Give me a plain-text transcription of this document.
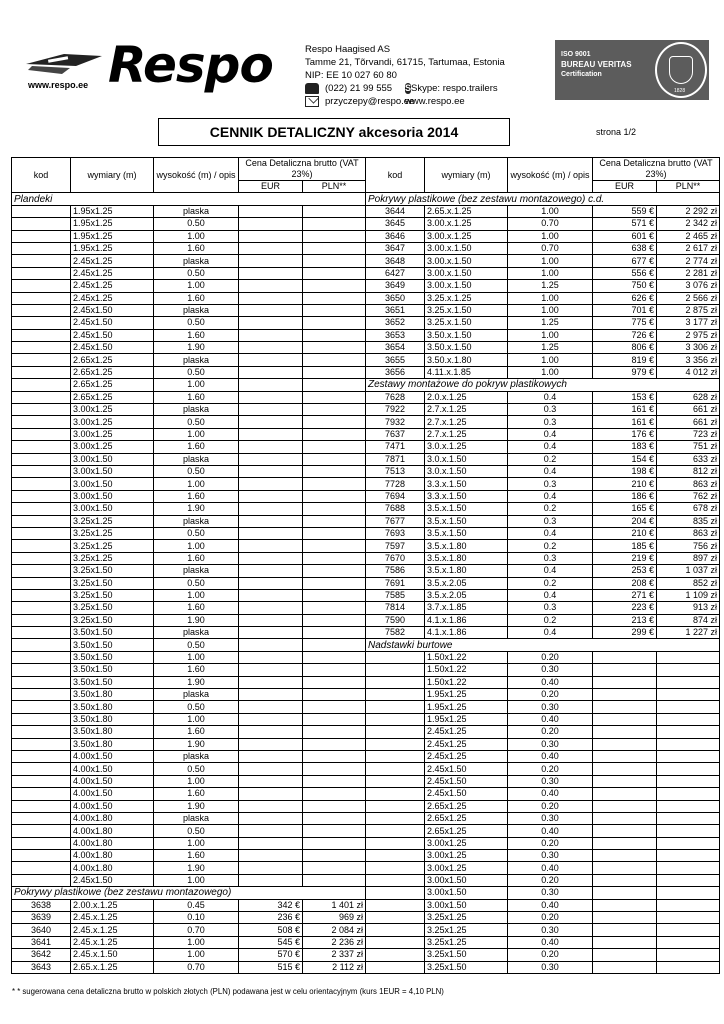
Respo
www.respo.ee
Respo Haagised AS
Tamme 21, Tõrvandi, 61715, Tartumaa, Estonia
NIP: EE 10 027 60 80
(022) 21 99 555
przyczepy@respo.ee
S Skype: respo.trailers
www.respo.ee
ISO 9001
BUREAU VERITAS
Certification
1828
CENNIK DETALICZNY akcesoria 2014	strona 1/2
kod	wymiary (m)	wysokość (m) / opis	Cena Detaliczna brutto (VAT 23%)		kod	wymiary (m)	wysokość (m) / opis	Cena Detaliczna brutto (VAT 23%)	
			EUR	PLN**				EUR	PLN**
Plandeki					Pokrywy plastikowe (bez zestawu montazowego) c.d.				
	1.95x1.25	plaska			3644	2.65.x.1.25	1.00	559 €	2 292 zł
	1.95x1.25	0.50			3645	3.00.x.1.25	0.70	571 €	2 342 zł
	1.95x1.25	1.00			3646	3.00.x.1.25	1.00	601 €	2 465 zł
	1.95x1.25	1.60			3647	3.00.x.1.50	0.70	638 €	2 617 zł
	2.45x1.25	plaska			3648	3.00.x.1.50	1.00	677 €	2 774 zł
	2.45x1.25	0.50			6427	3.00.x.1.50	1.00	556 €	2 281 zł
	2.45x1.25	1.00			3649	3.00.x.1.50	1.25	750 €	3 076 zł
	2.45x1.25	1.60			3650	3.25.x.1.25	1.00	626 €	2 566 zł
	2.45x1.50	plaska			3651	3.25.x.1.50	1.00	701 €	2 875 zł
	2.45x1.50	0.50			3652	3.25.x.1.50	1.25	775 €	3 177 zł
	2.45x1.50	1.60			3653	3.50.x.1.50	1.00	726 €	2 975 zł
	2.45x1.50	1.90			3654	3.50.x.1.50	1.25	806 €	3 306 zł
	2.65x1.25	plaska			3655	3.50.x.1.80	1.00	819 €	3 356 zł
	2.65x1.25	0.50			3656	4.11.x.1.85	1.00	979 €	4 012 zł
	2.65x1.25	1.00			Zestawy montażowe do pokryw plastikowych				
	2.65x1.25	1.60			7628	2.0.x.1.25	0.4	153 €	628 zł
	3.00x1.25	plaska			7922	2.7.x.1.25	0.3	161 €	661 zł
	3.00x1.25	0.50			7932	2.7.x.1.25	0.3	161 €	661 zł
	3.00x1.25	1.00			7637	2.7.x.1.25	0.4	176 €	723 zł
	3.00x1.25	1.60			7471	3.0.x.1.25	0.4	183 €	751 zł
	3.00x1.50	plaska			7871	3.0.x.1.50	0.2	154 €	633 zł
	3.00x1.50	0.50			7513	3.0.x.1.50	0.4	198 €	812 zł
	3.00x1.50	1.00			7728	3.3.x.1.50	0.3	210 €	863 zł
	3.00x1.50	1.60			7694	3.3.x.1.50	0.4	186 €	762 zł
	3.00x1.50	1.90			7688	3.5.x.1.50	0.2	165 €	678 zł
	3.25x1.25	plaska			7677	3.5.x.1.50	0.3	204 €	835 zł
	3.25x1.25	0.50			7693	3.5.x.1.50	0.4	210 €	863 zł
	3.25x1.25	1.00			7597	3.5.x.1.80	0.2	185 €	756 zł
	3.25x1.25	1.60			7670	3.5.x.1.80	0.3	219 €	897 zł
	3.25x1.50	plaska			7586	3.5.x.1.80	0.4	253 €	1 037 zł
	3.25x1.50	0.50			7691	3.5.x.2.05	0.2	208 €	852 zł
	3.25x1.50	1.00			7585	3.5.x.2.05	0.4	271 €	1 109 zł
	3.25x1.50	1.60			7814	3.7.x.1.85	0.3	223 €	913 zł
	3.25x1.50	1.90			7590	4.1.x.1.86	0.2	213 €	874 zł
	3.50x1.50	plaska			7582	4.1.x.1.86	0.4	299 €	1 227 zł
	3.50x1.50	0.50			Nadstawki burtowe				
	3.50x1.50	1.00				1.50x1.22	0.20		
	3.50x1.50	1.60				1.50x1.22	0.30		
	3.50x1.50	1.90				1.50x1.22	0.40		
	3.50x1.80	plaska				1.95x1.25	0.20		
	3.50x1.80	0.50				1.95x1.25	0.30		
	3.50x1.80	1.00				1.95x1.25	0.40		
	3.50x1.80	1.60				2.45x1.25	0.20		
	3.50x1.80	1.90				2.45x1.25	0.30		
	4.00x1.50	plaska				2.45x1.25	0.40		
	4.00x1.50	0.50				2.45x1.50	0.20		
	4.00x1.50	1.00				2.45x1.50	0.30		
	4.00x1.50	1.60				2.45x1.50	0.40		
	4.00x1.50	1.90				2.65x1.25	0.20		
	4.00x1.80	plaska				2.65x1.25	0.30		
	4.00x1.80	0.50				2.65x1.25	0.40		
	4.00x1.80	1.00				3.00x1.25	0.20		
	4.00x1.80	1.60				3.00x1.25	0.30		
	4.00x1.80	1.90				3.00x1.25	0.40		
	2.45x1.50	1.00				3.00x1.50	0.20		
Pokrywy plastikowe (bez zestawu montazowego)						3.00x1.50	0.30		
3638	2.00.x.1.25	0.45	342 €	1 401 zł		3.00x1.50	0.40		
3639	2.45.x.1.25	0.10	236 €	969 zł		3.25x1.25	0.20		
3640	2.45.x.1.25	0.70	508 €	2 084 zł		3.25x1.25	0.30		
3641	2.45.x.1.25	1.00	545 €	2 236 zł		3.25x1.25	0.40		
3642	2.45.x.1.50	1.00	570 €	2 337 zł		3.25x1.50	0.20		
3643	2.65.x.1.25	0.70	515 €	2 112 zł		3.25x1.50	0.30		
* * sugerowana cena detaliczna brutto w polskich złotych (PLN) podawana jest w celu orientacyjnym (kurs 1EUR = 4,10 PLN)
